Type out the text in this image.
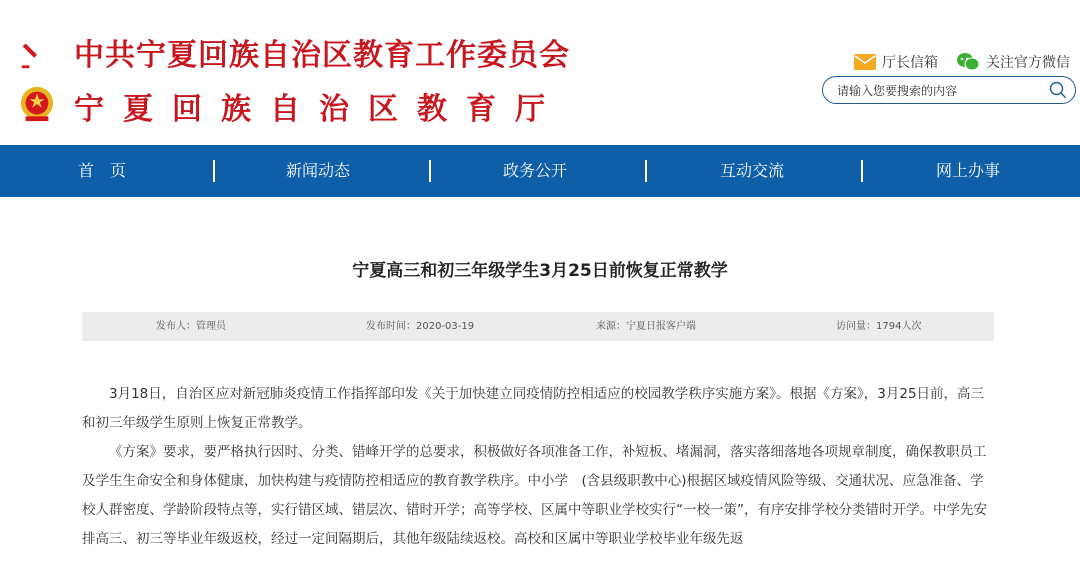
中共宁夏回族自治区教育工作委员会
宁夏回族自治区教育厅
厅长信箱	关注官方微信
请输入您要搜索的内容
首　页	新闻动态	政务公开	互动交流	网上办事
宁夏高三和初三年级学生3月25日前恢复正常教学
发布人：管理员	发布时间：2020-03-19	来源：宁夏日报客户端	访问量：1794人次

3月18日，自治区应对新冠肺炎疫情工作指挥部印发《关于加快建立同疫情防控相适应的校园教学秩序实施方案》。根据《方案》，3月25日前，高三和初三年级学生原则上恢复正常教学。

《方案》要求，要严格执行因时、分类、错峰开学的总要求，积极做好各项准备工作，补短板、堵漏洞，落实落细落地各项规章制度，确保教职员工及学生生命安全和身体健康，加快构建与疫情防控相适应的教育教学秩序。中小学　(含县级职教中心)根据区域疫情风险等级、交通状况、应急准备、学校人群密度、学龄阶段特点等，实行错区域、错层次、错时开学；高等学校、区属中等职业学校实行“一校一策”，有序安排学校分类错时开学。中学先安排高三、初三等毕业年级返校，经过一定间隔期后，其他年级陆续返校。高校和区属中等职业学校毕业年级先返
